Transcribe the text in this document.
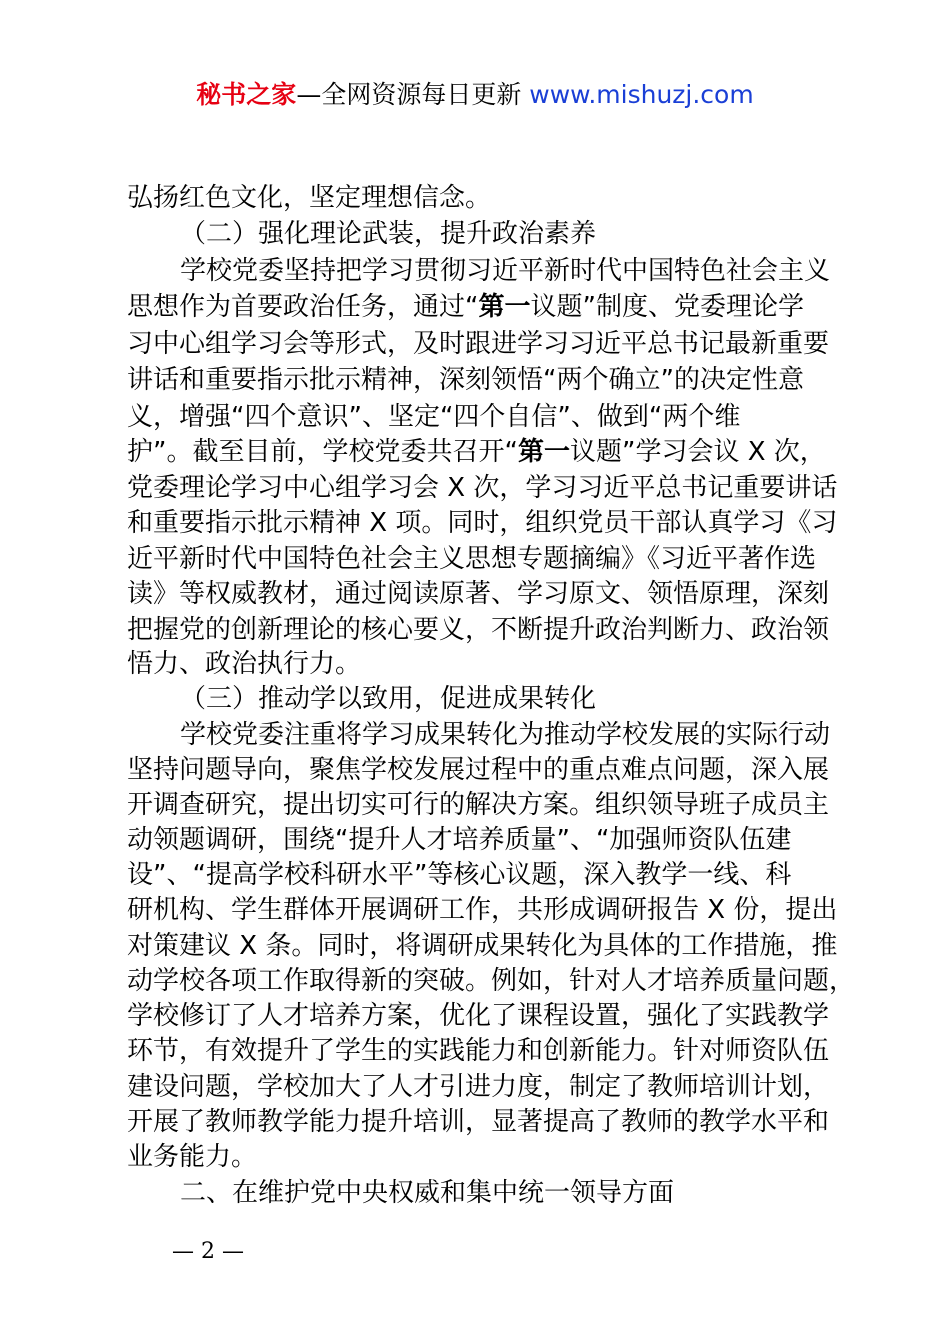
秘书之家—全网资源每日更新 www.mishuzj.com
弘扬红色文化，坚定理想信念。
（二）强化理论武装，提升政治素养
学校党委坚持把学习贯彻习近平新时代中国特色社会主义
思想作为首要政治任务，通过“第一议题”制度、党委理论学
习中心组学习会等形式，及时跟进学习习近平总书记最新重要
讲话和重要指示批示精神，深刻领悟“两个确立”的决定性意
义，增强“四个意识”、坚定“四个自信”、做到“两个维
护”。截至目前，学校党委共召开“第一议题”学习会议 X 次，
党委理论学习中心组学习会 X 次，学习习近平总书记重要讲话
和重要指示批示精神 X 项。同时，组织党员干部认真学习《习
近平新时代中国特色社会主义思想专题摘编》《习近平著作选
读》等权威教材，通过阅读原著、学习原文、领悟原理，深刻
把握党的创新理论的核心要义，不断提升政治判断力、政治领
悟力、政治执行力。
（三）推动学以致用，促进成果转化
学校党委注重将学习成果转化为推动学校发展的实际行动
坚持问题导向，聚焦学校发展过程中的重点难点问题，深入展
开调查研究，提出切实可行的解决方案。组织领导班子成员主
动领题调研，围绕“提升人才培养质量”、“加强师资队伍建
设”、“提高学校科研水平”等核心议题，深入教学一线、科
研机构、学生群体开展调研工作，共形成调研报告 X 份，提出
对策建议 X 条。同时，将调研成果转化为具体的工作措施，推
动学校各项工作取得新的突破。例如，针对人才培养质量问题，
学校修订了人才培养方案，优化了课程设置，强化了实践教学
环节，有效提升了学生的实践能力和创新能力。针对师资队伍
建设问题，学校加大了人才引进力度，制定了教师培训计划，
开展了教师教学能力提升培训，显著提高了教师的教学水平和
业务能力。
二、在维护党中央权威和集中统一领导方面
— 2 —
